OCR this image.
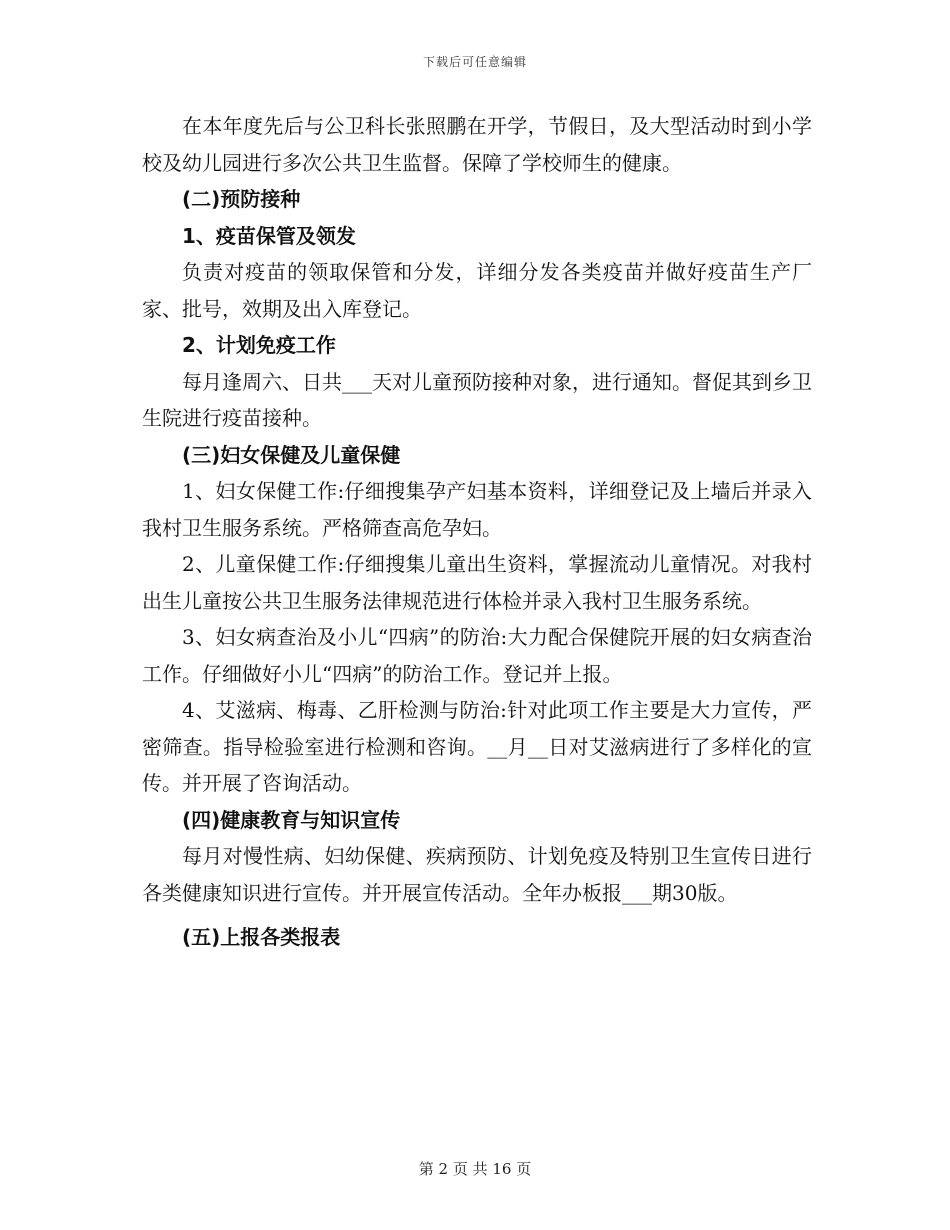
下载后可任意编辑

在本年度先后与公卫科长张照鹏在开学，节假日，及大型活动时到小学校及幼儿园进行多次公共卫生监督。保障了学校师生的健康。

(二)预防接种

1、疫苗保管及领发

负责对疫苗的领取保管和分发，详细分发各类疫苗并做好疫苗生产厂家、批号，效期及出入库登记。

2、计划免疫工作

每月逢周六、日共___天对儿童预防接种对象，进行通知。督促其到乡卫生院进行疫苗接种。

(三)妇女保健及儿童保健

1、妇女保健工作:仔细搜集孕产妇基本资料，详细登记及上墙后并录入我村卫生服务系统。严格筛查高危孕妇。

2、儿童保健工作:仔细搜集儿童出生资料，掌握流动儿童情况。对我村出生儿童按公共卫生服务法律规范进行体检并录入我村卫生服务系统。

3、妇女病查治及小儿“四病”的防治:大力配合保健院开展的妇女病查治工作。仔细做好小儿“四病”的防治工作。登记并上报。

4、艾滋病、梅毒、乙肝检测与防治:针对此项工作主要是大力宣传，严密筛查。指导检验室进行检测和咨询。__月__日对艾滋病进行了多样化的宣传。并开展了咨询活动。

(四)健康教育与知识宣传

每月对慢性病、妇幼保健、疾病预防、计划免疫及特别卫生宣传日进行各类健康知识进行宣传。并开展宣传活动。全年办板报___期30版。

(五)上报各类报表

第 2 页 共 16 页
